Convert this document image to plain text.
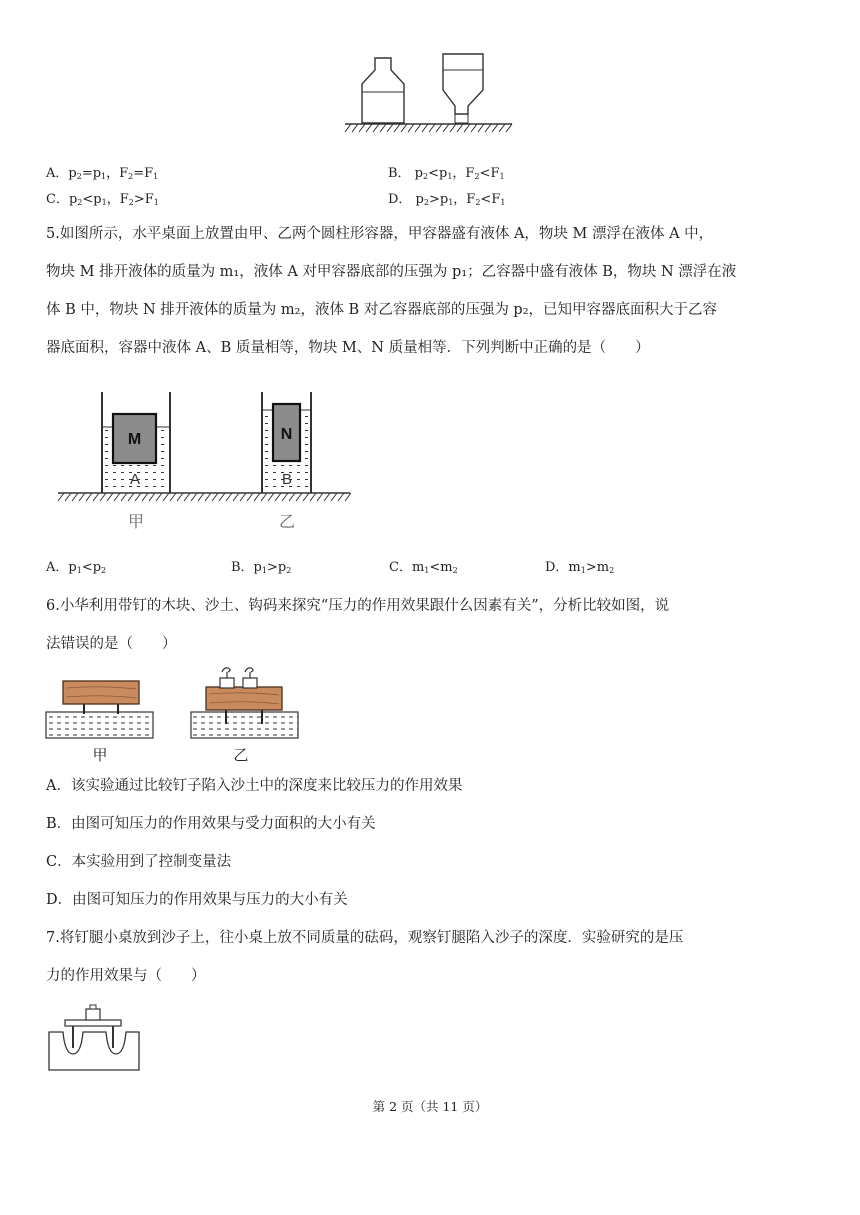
A．$p_2=p_1$，$F_2=F_1$	B． $p_2<p_1$，$F_2<F_1$
C．$p_2<p_1$，$F_2>F_1$	D． $p_2>p_1$，$F_2<F_1$
5.如图所示，水平桌面上放置由甲、乙两个圆柱形容器，甲容器盛有液体 A，物块 M 漂浮在液体 A 中，
物块 M 排开液体的质量为 m₁，液体 A 对甲容器底部的压强为 p₁；乙容器中盛有液体 B，物块 N 漂浮在液
体 B 中，物块 N 排开液体的质量为 m₂，液体 B 对乙容器底部的压强为 p₂，已知甲容器底面积大于乙容
器底面积，容器中液体 A、B 质量相等，物块 M、N 质量相等．下列判断中正确的是（　　）
M
A
N
B
甲	乙
A．$p_1<p_2$	B．$p_1>p_2$	C．$m_1<m_2$	D．$m_1>m_2$
6.小华利用带钉的木块、沙土、钩码来探究“压力的作用效果跟什么因素有关”，分析比较如图，说
法错误的是（　　）
甲	乙
A．该实验通过比较钉子陷入沙土中的深度来比较压力的作用效果
B．由图可知压力的作用效果与受力面积的大小有关
C．本实验用到了控制变量法
D．由图可知压力的作用效果与压力的大小有关
7.将钉腿小桌放到沙子上，往小桌上放不同质量的砝码，观察钉腿陷入沙子的深度．实验研究的是压
力的作用效果与（　　）
第 2 页（共 11 页）
